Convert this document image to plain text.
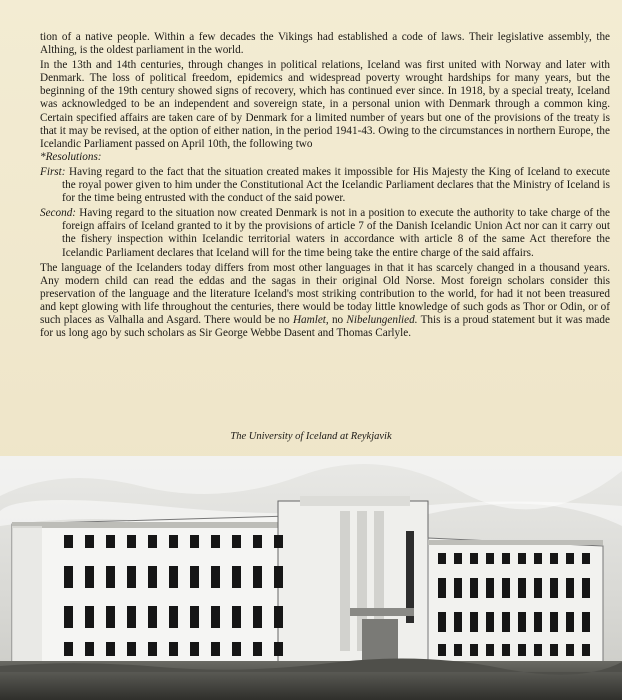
tion of a native people. Within a few decades the Vikings had established a code of laws. Their legislative assembly, the Althing, is the oldest parliament in the world.

In the 13th and 14th centuries, through changes in political relations, Iceland was first united with Norway and later with Denmark. The loss of political freedom, epidemics and widespread poverty wrought hardships for many years, but the beginning of the 19th century showed signs of recovery, which has continued ever since. In 1918, by a special treaty, Iceland was acknowledged to be an independent and sovereign state, in a personal union with Denmark through a common king. Certain specified affairs are taken care of by Denmark for a limited number of years but one of the provisions of the treaty is that it may be revised, at the option of either nation, in the period 1941-43. Owing to the circumstances in northern Europe, the Icelandic Parliament passed on April 10th, the following two
*Resolutions:

First: Having regard to the fact that the situation created makes it impossible for His Majesty the King of Iceland to execute the royal power given to him under the Constitutional Act the Icelandic Parliament declares that the Ministry of Iceland is for the time being entrusted with the conduct of the said power.

Second: Having regard to the situation now created Denmark is not in a position to execute the authority to take charge of the foreign affairs of Iceland granted to it by the provisions of article 7 of the Danish Icelandic Union Act nor can it carry out the fishery inspection within Icelandic territorial waters in accordance with article 8 of the same Act therefore the Icelandic Parliament declares that Iceland will for the time being take the entire charge of the said affairs.

The language of the Icelanders today differs from most other languages in that it has scarcely changed in a thousand years. Any modern child can read the eddas and the sagas in their original Old Norse. Most foreign scholars consider this preservation of the language and the literature Iceland's most striking contribution to the world, for had it not been treasured and kept glowing with life throughout the centuries, there would be today little knowledge of such gods as Thor or Odin, or of such places as Valhalla and Asgard. There would be no Hamlet, no Nibelungenlied. This is a proud statement but it was made for us long ago by such scholars as Sir George Webbe Dasent and Thomas Carlyle.

The University of Iceland at Reykjavik
